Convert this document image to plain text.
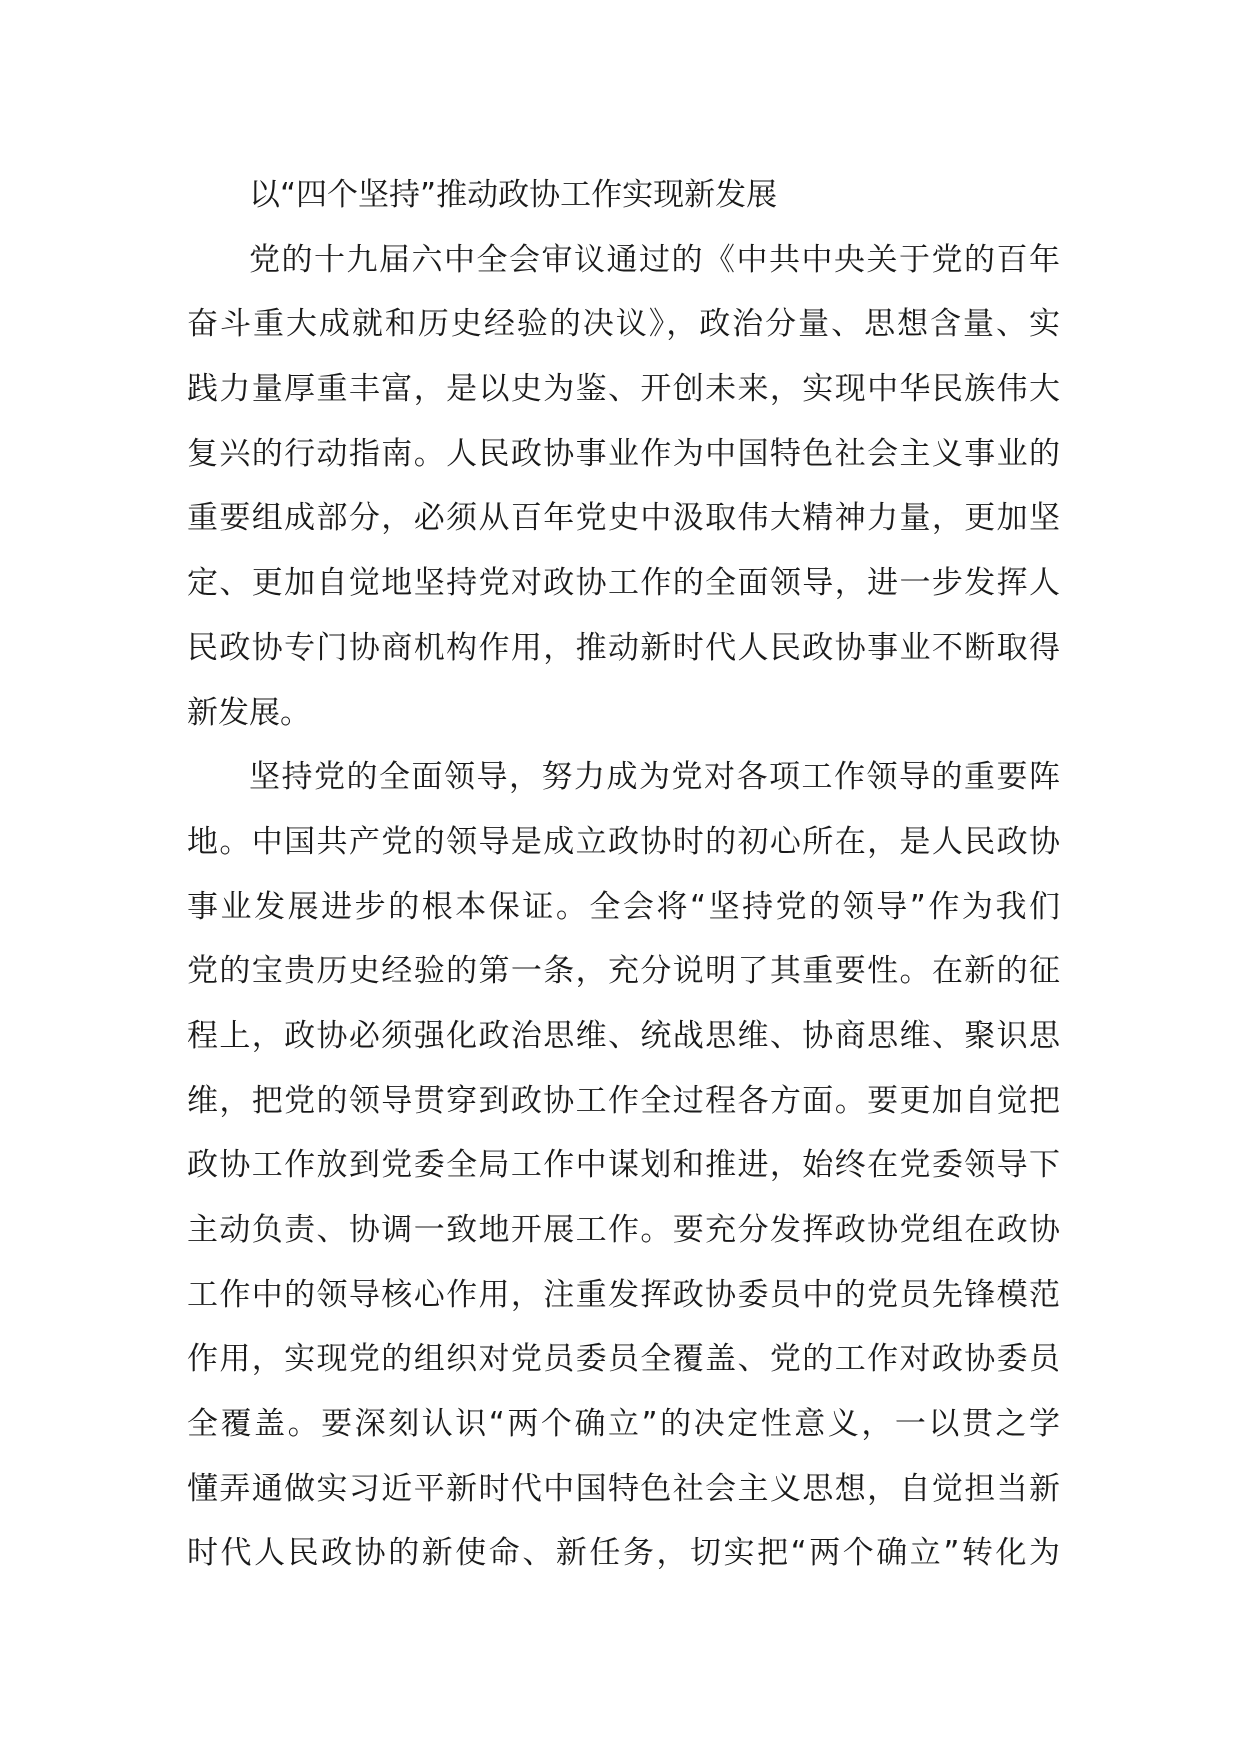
以“四个坚持”推动政协工作实现新发展
党的十九届六中全会审议通过的《中共中央关于党的百年
奋斗重大成就和历史经验的决议》，政治分量、思想含量、实
践力量厚重丰富，是以史为鉴、开创未来，实现中华民族伟大
复兴的行动指南。人民政协事业作为中国特色社会主义事业的
重要组成部分，必须从百年党史中汲取伟大精神力量，更加坚
定、更加自觉地坚持党对政协工作的全面领导，进一步发挥人
民政协专门协商机构作用，推动新时代人民政协事业不断取得
新发展。
坚持党的全面领导，努力成为党对各项工作领导的重要阵
地。中国共产党的领导是成立政协时的初心所在，是人民政协
事业发展进步的根本保证。全会将“坚持党的领导”作为我们
党的宝贵历史经验的第一条，充分说明了其重要性。在新的征
程上，政协必须强化政治思维、统战思维、协商思维、聚识思
维，把党的领导贯穿到政协工作全过程各方面。要更加自觉把
政协工作放到党委全局工作中谋划和推进，始终在党委领导下
主动负责、协调一致地开展工作。要充分发挥政协党组在政协
工作中的领导核心作用，注重发挥政协委员中的党员先锋模范
作用，实现党的组织对党员委员全覆盖、党的工作对政协委员
全覆盖。要深刻认识“两个确立”的决定性意义，一以贯之学
懂弄通做实习近平新时代中国特色社会主义思想，自觉担当新
时代人民政协的新使命、新任务，切实把“两个确立”转化为
